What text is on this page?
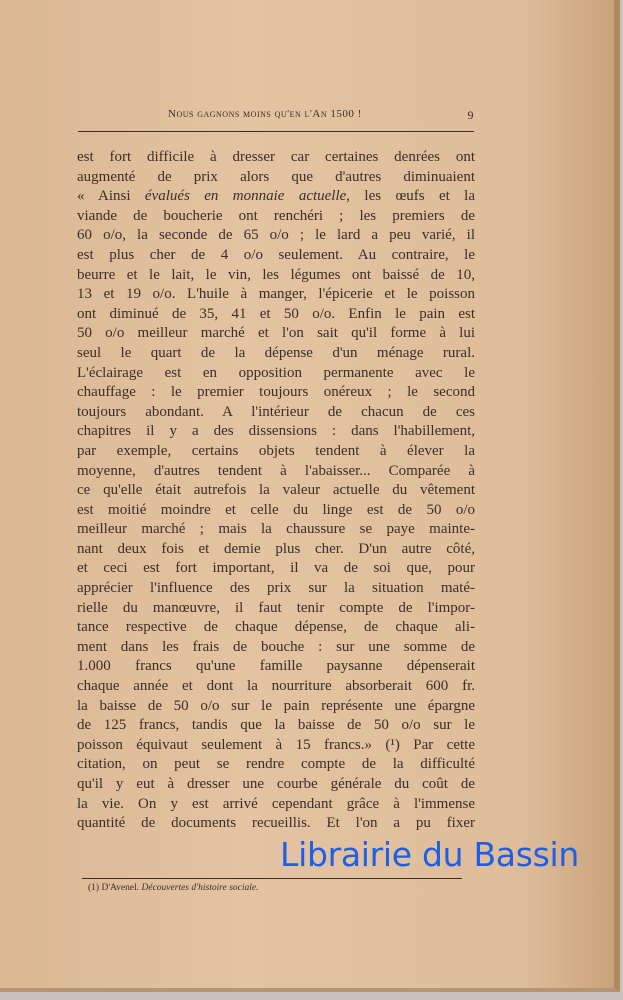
Nous gagnons moins qu'en l'An 1500 !	9
est fort difficile à dresser car certaines denrées ont
augmenté de prix alors que d'autres diminuaient
« Ainsi évalués en monnaie actuelle, les œufs et la
viande de boucherie ont renchéri ; les premiers de
60 o/o, la seconde de 65 o/o ; le lard a peu varié, il
est plus cher de 4 o/o seulement. Au contraire, le
beurre et le lait, le vin, les légumes ont baissé de 10,
13 et 19 o/o. L'huile à manger, l'épicerie et le poisson
ont diminué de 35, 41 et 50 o/o. Enfin le pain est
50 o/o meilleur marché et l'on sait qu'il forme à lui
seul le quart de la dépense d'un ménage rural.
L'éclairage est en opposition permanente avec le
chauffage : le premier toujours onéreux ; le second
toujours abondant. A l'intérieur de chacun de ces
chapitres il y a des dissensions : dans l'habillement,
par exemple, certains objets tendent à élever la
moyenne, d'autres tendent à l'abaisser... Comparée à
ce qu'elle était autrefois la valeur actuelle du vêtement
est moitié moindre et celle du linge est de 50 o/o
meilleur marché ; mais la chaussure se paye mainte-
nant deux fois et demie plus cher. D'un autre côté,
et ceci est fort important, il va de soi que, pour
apprécier l'influence des prix sur la situation maté-
rielle du manœuvre, il faut tenir compte de l'impor-
tance respective de chaque dépense, de chaque ali-
ment dans les frais de bouche : sur une somme de
1.000 francs qu'une famille paysanne dépenserait
chaque année et dont la nourriture absorberait 600 fr.
la baisse de 50 o/o sur le pain représente une épargne
de 125 francs, tandis que la baisse de 50 o/o sur le
poisson équivaut seulement à 15 francs.» (¹) Par cette
citation, on peut se rendre compte de la difficulté
qu'il y eut à dresser une courbe générale du coût de
la vie. On y est arrivé cependant grâce à l'immense
quantité de documents recueillis. Et l'on a pu fixer
Librairie du Bassin
(1) D'Avenel. Découvertes d'histoire sociale.
